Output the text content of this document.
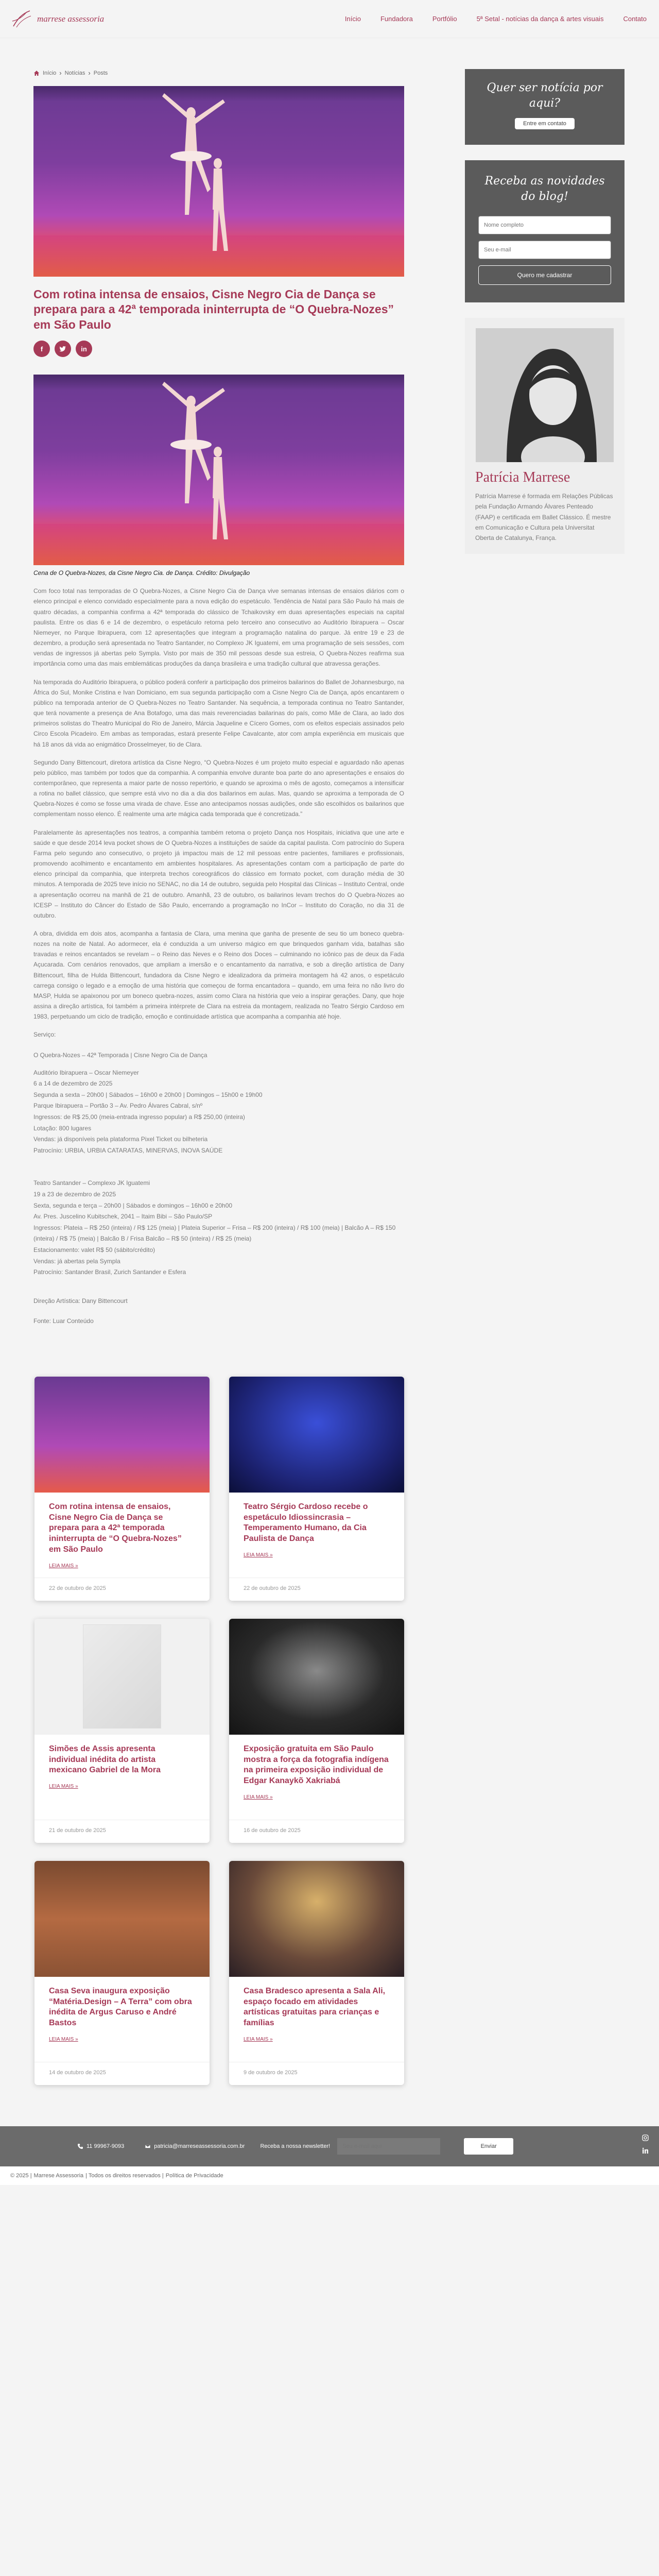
marrese assessoria	Início	Fundadora	Portfólio	5ª Setal - notícias da dança & artes visuais	Contato
Início › Notícias › Posts
Com rotina intensa de ensaios, Cisne Negro Cia de Dança se prepara para a 42ª temporada ininterrupta de “O Quebra-Nozes” em São Paulo
f	in
Cena de O Quebra-Nozes, da Cisne Negro Cia. de Dança. Crédito: Divulgação

Com foco total nas temporadas de O Quebra-Nozes, a Cisne Negro Cia de Dança vive semanas intensas de ensaios diários com o elenco principal e elenco convidado especialmente para a nova edição do espetáculo. Tendência de Natal para São Paulo há mais de quatro décadas, a companhia confirma a 42ª temporada do clássico de Tchaikovsky em duas apresentações especiais na capital paulista. Entre os dias 6 e 14 de dezembro, o espetáculo retorna pelo terceiro ano consecutivo ao Auditório Ibirapuera – Oscar Niemeyer, no Parque Ibirapuera, com 12 apresentações que integram a programação natalina do parque. Já entre 19 e 23 de dezembro, a produção será apresentada no Teatro Santander, no Complexo JK Iguatemi, em uma programação de seis sessões, com vendas de ingressos já abertas pelo Sympla. Visto por mais de 350 mil pessoas desde sua estreia, O Quebra-Nozes reafirma sua importância como uma das mais emblemáticas produções da dança brasileira e uma tradição cultural que atravessa gerações.

Na temporada do Auditório Ibirapuera, o público poderá conferir a participação dos primeiros bailarinos do Ballet de Johannesburgo, na África do Sul, Monike Cristina e Ivan Domiciano, em sua segunda participação com a Cisne Negro Cia de Dança, após encantarem o público na temporada anterior de O Quebra-Nozes no Teatro Santander. Na sequência, a temporada continua no Teatro Santander, que terá novamente a presença de Ana Botafogo, uma das mais reverenciadas bailarinas do país, como Mãe de Clara, ao lado dos primeiros solistas do Theatro Municipal do Rio de Janeiro, Márcia Jaqueline e Cícero Gomes, com os efeitos especiais assinados pelo Circo Escola Picadeiro. Em ambas as temporadas, estará presente Felipe Cavalcante, ator com ampla experiência em musicais que há 18 anos dá vida ao enigmático Drosselmeyer, tio de Clara.

Segundo Dany Bittencourt, diretora artística da Cisne Negro, “O Quebra-Nozes é um projeto muito especial e aguardado não apenas pelo público, mas também por todos que da companhia. A companhia envolve durante boa parte do ano apresentações e ensaios do contemporâneo, que representa a maior parte de nosso repertório, e quando se aproxima o mês de agosto, começamos a intensificar a rotina no ballet clássico, que sempre está vivo no dia a dia dos bailarinos em aulas. Mas, quando se aproxima a temporada de O Quebra-Nozes é como se fosse uma virada de chave. Esse ano antecipamos nossas audições, onde são escolhidos os bailarinos que complementam nosso elenco. É realmente uma arte mágica cada temporada que é concretizada.”

Paralelamente às apresentações nos teatros, a companhia também retoma o projeto Dança nos Hospitais, iniciativa que une arte e saúde e que desde 2014 leva pocket shows de O Quebra-Nozes a instituições de saúde da capital paulista. Com patrocínio do Supera Farma pelo segundo ano consecutivo, o projeto já impactou mais de 12 mil pessoas entre pacientes, familiares e profissionais, promovendo acolhimento e encantamento em ambientes hospitalares. As apresentações contam com a participação de parte do elenco principal da companhia, que interpreta trechos coreográficos do clássico em formato pocket, com duração média de 30 minutos. A temporada de 2025 teve início no SENAC, no dia 14 de outubro, seguida pelo Hospital das Clínicas – Instituto Central, onde a apresentação ocorreu na manhã de 21 de outubro. Amanhã, 23 de outubro, os bailarinos levam trechos do O Quebra-Nozes ao ICESP – Instituto do Câncer do Estado de São Paulo, encerrando a programação no InCor – Instituto do Coração, no dia 31 de outubro.

A obra, dividida em dois atos, acompanha a fantasia de Clara, uma menina que ganha de presente de seu tio um boneco quebra-nozes na noite de Natal. Ao adormecer, ela é conduzida a um universo mágico em que brinquedos ganham vida, batalhas são travadas e reinos encantados se revelam – o Reino das Neves e o Reino dos Doces – culminando no icônico pas de deux da Fada Açucarada. Com cenários renovados, que ampliam a imersão e o encantamento da narrativa, e sob a direção artística de Dany Bittencourt, filha de Hulda Bittencourt, fundadora da Cisne Negro e idealizadora da primeira montagem há 42 anos, o espetáculo carrega consigo o legado e a emoção de uma história que começou de forma encantadora – quando, em uma feira no não livro do MASP, Hulda se apaixonou por um boneco quebra-nozes, assim como Clara na história que veio a inspirar gerações. Dany, que hoje assina a direção artística, foi também a primeira intérprete de Clara na estreia da montagem, realizada no Teatro Sérgio Cardoso em 1983, perpetuando um ciclo de tradição, emoção e continuidade artística que acompanha a companhia até hoje.

Serviço:
O Quebra-Nozes – 42ª Temporada | Cisne Negro Cia de Dança
Auditório Ibirapuera – Oscar Niemeyer
6 a 14 de dezembro de 2025
Segunda a sexta – 20h00 | Sábados – 16h00 e 20h00 | Domingos – 15h00 e 19h00
Parque Ibirapuera – Portão 3 – Av. Pedro Álvares Cabral, s/nº
Ingressos: de R$ 25,00 (meia-entrada ingresso popular) a R$ 250,00 (inteira)
Lotação: 800 lugares
Vendas: já disponíveis pela plataforma Pixel Ticket ou bilheteria
Patrocínio: URBIA, URBIA CATARATAS, MINERVAS, INOVA SAÚDE
Teatro Santander – Complexo JK Iguatemi
19 a 23 de dezembro de 2025
Sexta, segunda e terça – 20h00 | Sábados e domingos – 16h00 e 20h00
Av. Pres. Juscelino Kubitschek, 2041 – Itaim Bibi – São Paulo/SP
Ingressos: Plateia – R$ 250 (inteira) / R$ 125 (meia) | Plateia Superior – Frisa – R$ 200 (inteira) / R$ 100 (meia) | Balcão A – R$ 150 (inteira) / R$ 75 (meia) | Balcão B / Frisa Balcão – R$ 50 (inteira) / R$ 25 (meia)
Estacionamento: valet R$ 50 (sábito/crédito)
Vendas: já abertas pela Sympla
Patrocínio: Santander Brasil, Zurich Santander e Esfera
Direção Artística: Dany Bittencourt
Fonte: Luar Conteúdo
Quer ser notícia por aqui?
Entre em contato
Receba as novidades do blog!
Nome completo
Seu e-mail
Quero me cadastrar
Patrícia Marrese
Patrícia Marrese é formada em Relações Públicas pela Fundação Armando Álvares Penteado (FAAP) e certificada em Ballet Clássico. É mestre em Comunicação e Cultura pela Universitat Oberta de Catalunya, França.
Com rotina intensa de ensaios, Cisne Negro Cia de Dança se prepara para a 42ª temporada ininterrupta de “O Quebra-Nozes” em São Paulo
LEIA MAIS »
22 de outubro de 2025
Teatro Sérgio Cardoso recebe o espetáculo Idiossincrasia – Temperamento Humano, da Cia Paulista de Dança
LEIA MAIS »
22 de outubro de 2025
Simões de Assis apresenta individual inédita do artista mexicano Gabriel de la Mora
LEIA MAIS »
21 de outubro de 2025
Exposição gratuita em São Paulo mostra a força da fotografia indígena na primeira exposição individual de Edgar Kanaykõ Xakriabá
LEIA MAIS »
16 de outubro de 2025
Casa Seva inaugura exposição “Matéria.Design – A Terra” com obra inédita de Argus Caruso e André Bastos
LEIA MAIS »
14 de outubro de 2025
Casa Bradesco apresenta a Sala Ali, espaço focado em atividades artísticas gratuitas para crianças e famílias
LEIA MAIS »
9 de outubro de 2025
11 99967-9093	patricia@marreseassessoria.com.br	Receba a nossa newsletter!
Seu e-mail aqui	Enviar
© 2025 | Marrese Assessoria | Todos os direitos reservados | Política de Privacidade
